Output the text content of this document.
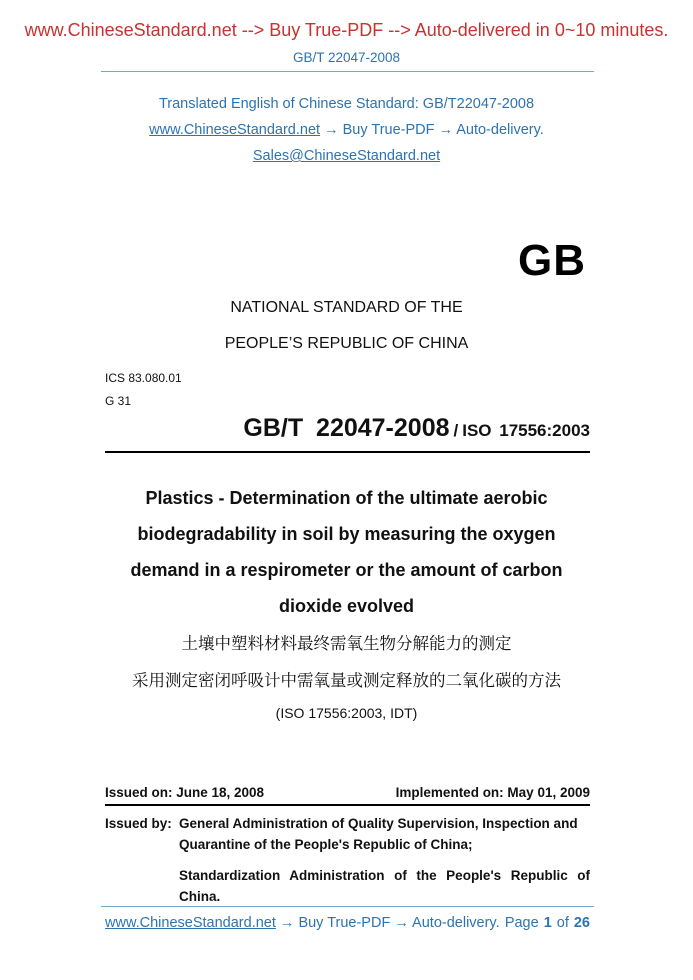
www.ChineseStandard.net --> Buy True-PDF --> Auto-delivered in 0~10 minutes.
GB/T 22047-2008
Translated English of Chinese Standard: GB/T22047-2008
www.ChineseStandard.net → Buy True-PDF → Auto-delivery.
Sales@ChineseStandard.net
GB
NATIONAL STANDARD OF THE
PEOPLE’S REPUBLIC OF CHINA
ICS 83.080.01
G 31
GB/T 22047-2008 / ISO 17556:2003
Plastics - Determination of the ultimate aerobic
biodegradability in soil by measuring the oxygen
demand in a respirometer or the amount of carbon
dioxide evolved
土壤中塑料材料最终需氧生物分解能力的测定
采用测定密闭呼吸计中需氧量或测定释放的二氧化碳的方法
(ISO 17556:2003, IDT)
Issued on: June 18, 2008	Implemented on: May 01, 2009
Issued by: General Administration of Quality Supervision, Inspection and Quarantine of the People's Republic of China;

Standardization Administration of the People's Republic of China.

www.ChineseStandard.net → Buy True-PDF → Auto-delivery. Page 1 of 26
